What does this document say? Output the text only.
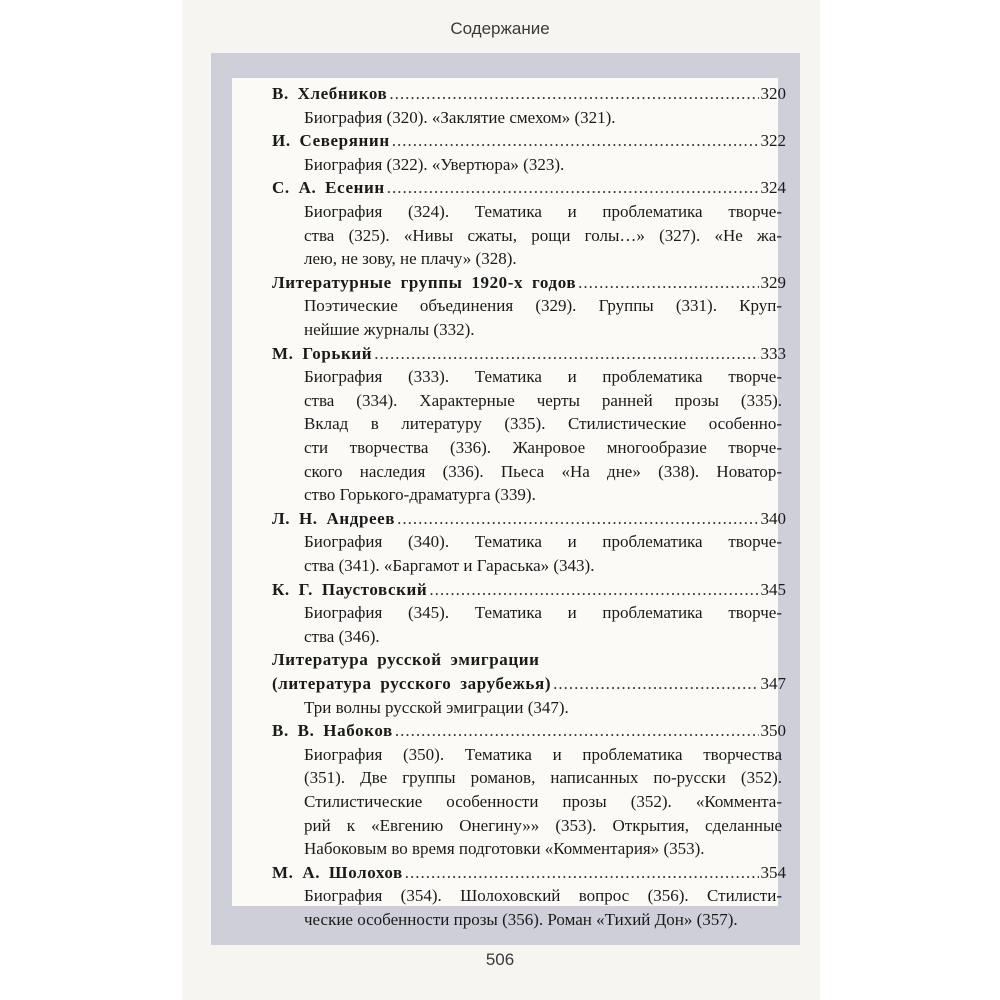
Содержание
В. Хлебников .....	320
Биография (320). «Заклятие смехом» (321).
И. Северянин .....	322
Биография (322). «Увертюра» (323).
С. А. Есенин .....	324
Биография (324). Тематика и проблематика творче-
ства (325). «Нивы сжаты, рощи голы…» (327). «Не жа-
лею, не зову, не плачу» (328).
Литературные группы 1920-х годов .....	329
Поэтические объединения (329). Группы (331). Круп-
нейшие журналы (332).
М. Горький .....	333
Биография (333). Тематика и проблематика творче-
ства (334). Характерные черты ранней прозы (335).
Вклад в литературу (335). Стилистические особенно-
сти творчества (336). Жанровое многообразие творче-
ского наследия (336). Пьеса «На дне» (338). Новатор-
ство Горького-драматурга (339).
Л. Н. Андреев .....	340
Биография (340). Тематика и проблематика творче-
ства (341). «Баргамот и Гараська» (343).
К. Г. Паустовский .....	345
Биография (345). Тематика и проблематика творче-
ства (346).
Литература русской эмиграции
(литература русского зарубежья) .....	347
Три волны русской эмиграции (347).
В. В. Набоков .....	350
Биография (350). Тематика и проблематика творчества
(351). Две группы романов, написанных по-русски (352).
Стилистические особенности прозы (352). «Коммента-
рий к «Евгению Онегину»» (353). Открытия, сделанные
Набоковым во время подготовки «Комментария» (353).
М. А. Шолохов .....	354
Биография (354). Шолоховский вопрос (356). Стилисти-
ческие особенности прозы (356). Роман «Тихий Дон» (357).
506
